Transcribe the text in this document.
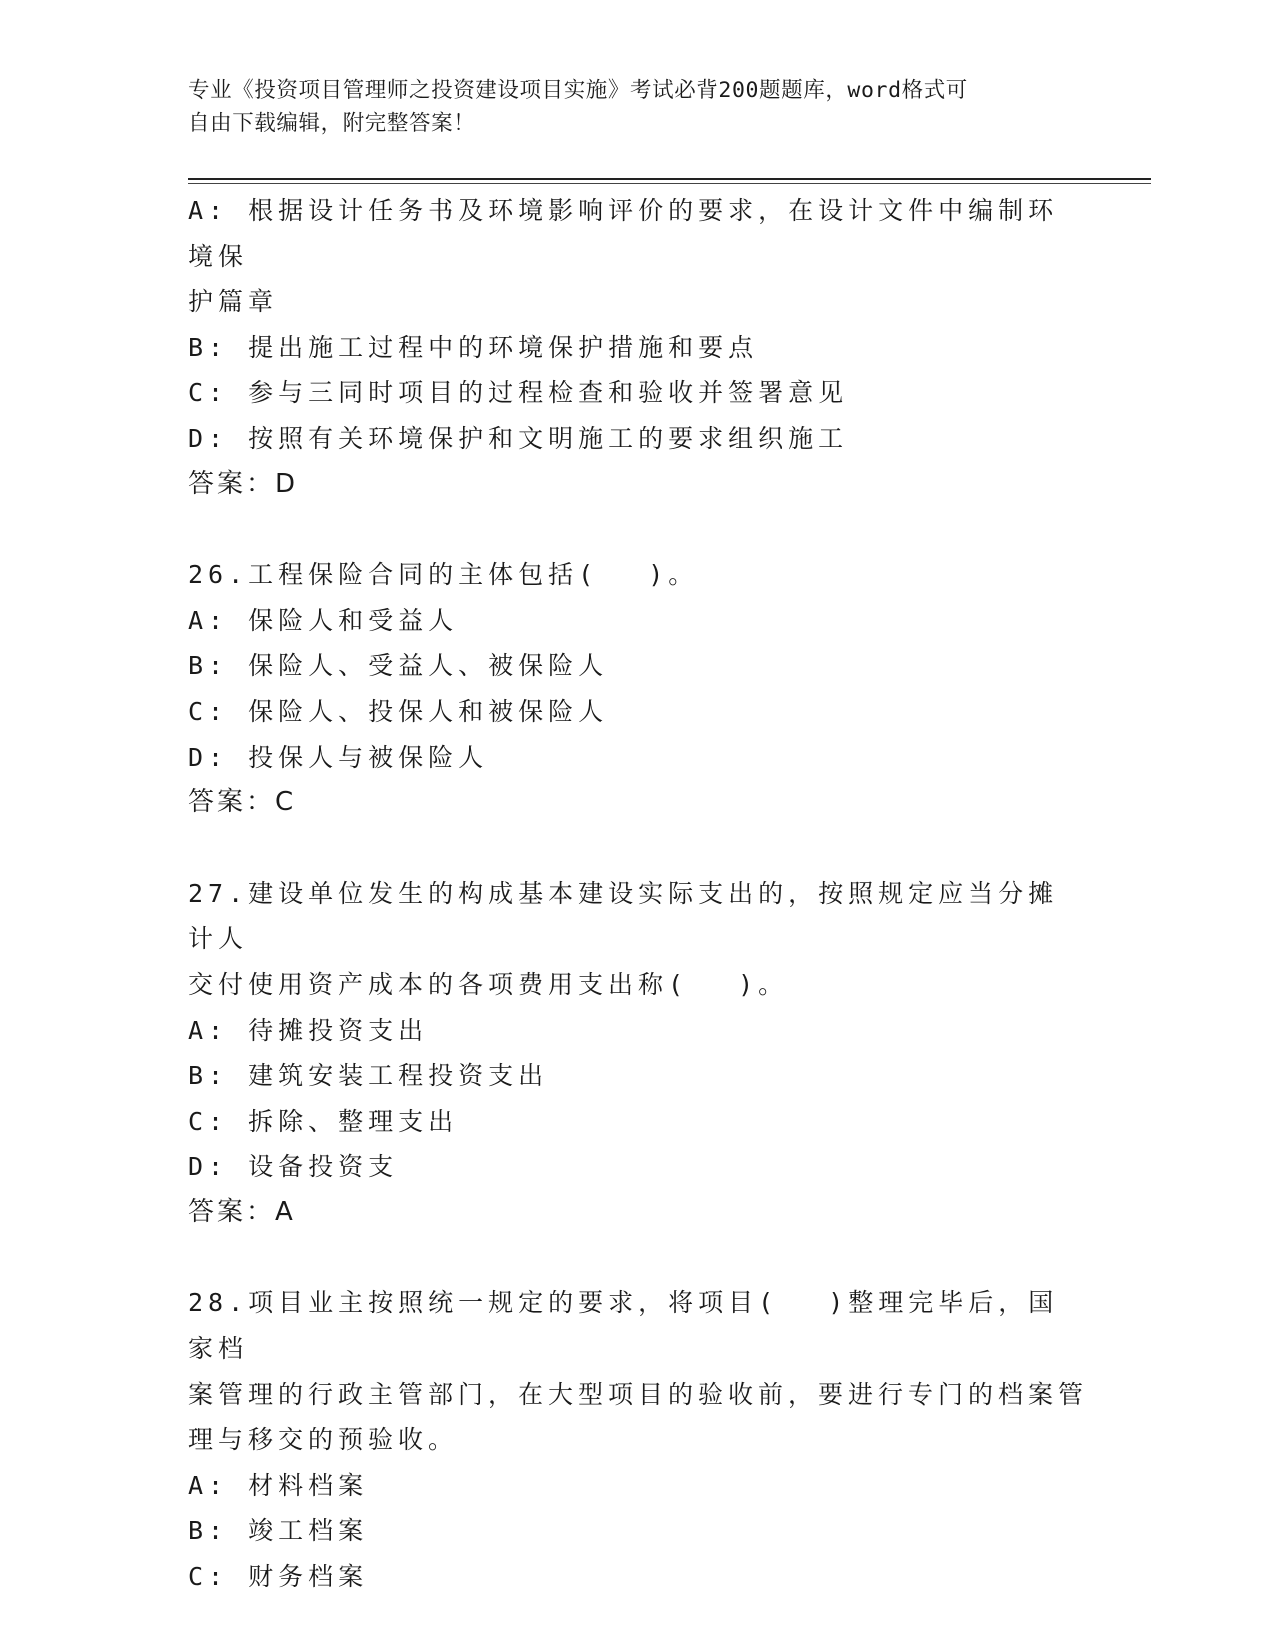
专业《投资项目管理师之投资建设项目实施》考试必背200题题库，word格式可
自由下载编辑，附完整答案！
A: 根据设计任务书及环境影响评价的要求，在设计文件中编制环境保
护篇章
B: 提出施工过程中的环境保护措施和要点
C: 参与三同时项目的过程检查和验收并签署意见
D: 按照有关环境保护和文明施工的要求组织施工
答案：D
26.工程保险合同的主体包括(　 )。
A: 保险人和受益人
B: 保险人、受益人、被保险人
C: 保险人、投保人和被保险人
D: 投保人与被保险人
答案：C
27.建设单位发生的构成基本建设实际支出的，按照规定应当分摊计人
交付使用资产成本的各项费用支出称(　 )。
A: 待摊投资支出
B: 建筑安装工程投资支出
C: 拆除、整理支出
D: 设备投资支
答案：A
28.项目业主按照统一规定的要求，将项目(　 )整理完毕后，国家档
案管理的行政主管部门，在大型项目的验收前，要进行专门的档案管
理与移交的预验收。
A: 材料档案
B: 竣工档案
C: 财务档案
